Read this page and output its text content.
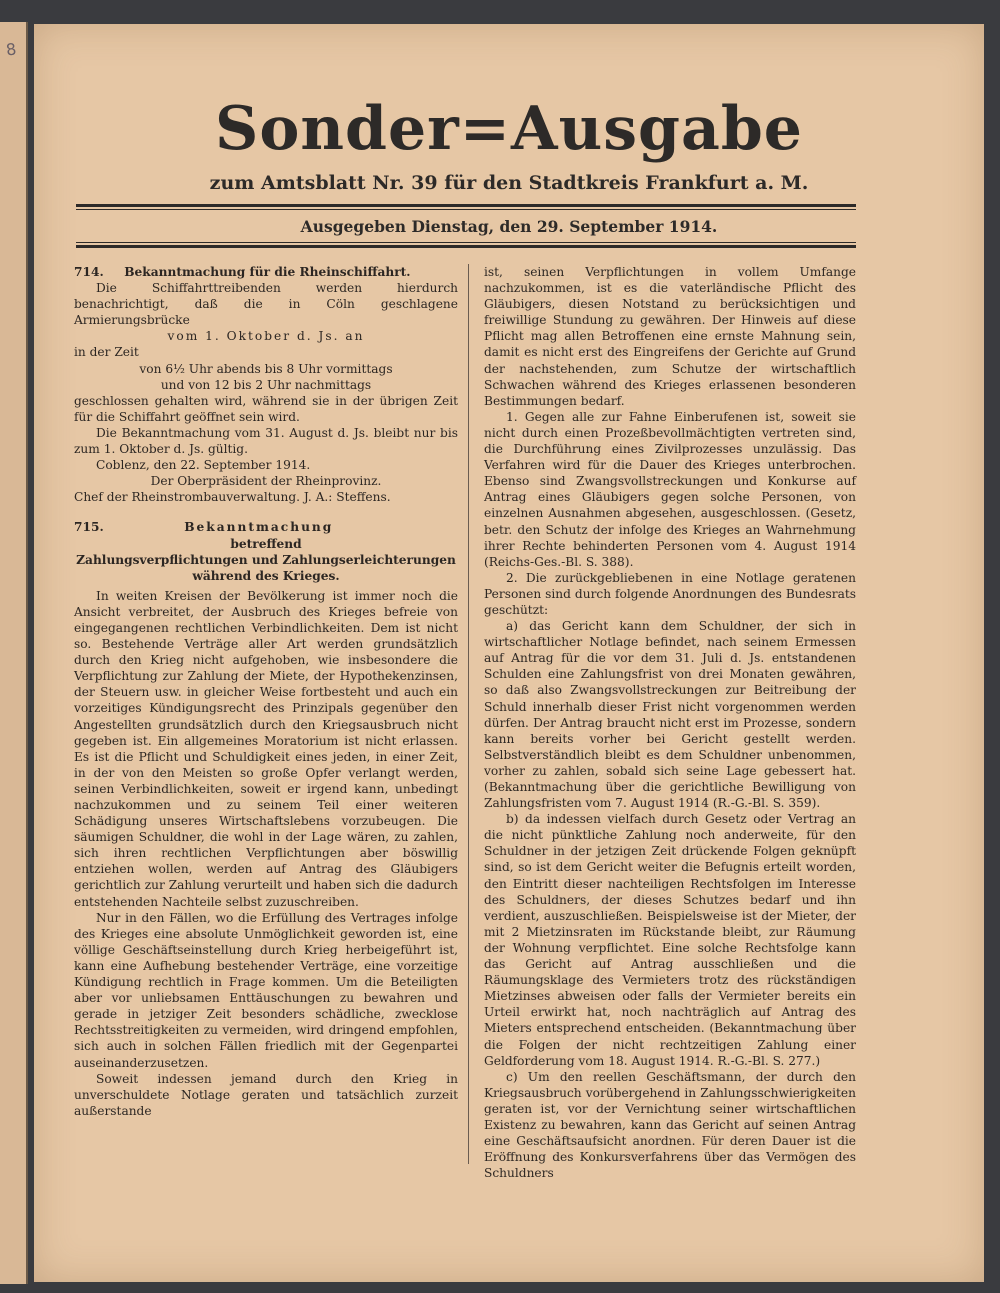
8
Sonder=Ausgabe
zum Amtsblatt Nr. 39 für den Stadtkreis Frankfurt a. M.
Ausgegeben Dienstag, den 29. September 1914.

714. Bekanntmachung für die Rheinschiffahrt.

Die Schiffahrttreibenden werden hierdurch benachrichtigt, daß die in Cöln geschlagene Armierungsbrücke

vom 1. Oktober d. Js. an

in der Zeit

von 6½ Uhr abends bis 8 Uhr vormittags

und von 12 bis 2 Uhr nachmittags

geschlossen gehalten wird, während sie in der übrigen Zeit für die Schiffahrt geöffnet sein wird.

Die Bekanntmachung vom 31. August d. Js. bleibt nur bis zum 1. Oktober d. Js. gültig.

Coblenz, den 22. September 1914.

Der Oberpräsident der Rheinprovinz.

Chef der Rheinstrombauverwaltung. J. A.: Steffens.

715.	Bekanntmachung

betreffend

Zahlungsverpflichtungen und Zahlungserleichterungen

während des Krieges.

In weiten Kreisen der Bevölkerung ist immer noch die Ansicht verbreitet, der Ausbruch des Krieges befreie von eingegangenen rechtlichen Verbindlichkeiten. Dem ist nicht so. Bestehende Verträge aller Art werden grundsätzlich durch den Krieg nicht aufgehoben, wie insbesondere die Verpflichtung zur Zahlung der Miete, der Hypothekenzinsen, der Steuern usw. in gleicher Weise fortbesteht und auch ein vorzeitiges Kündigungsrecht des Prinzipals gegenüber den Angestellten grundsätzlich durch den Kriegsausbruch nicht gegeben ist. Ein allgemeines Moratorium ist nicht erlassen. Es ist die Pflicht und Schuldigkeit eines jeden, in einer Zeit, in der von den Meisten so große Opfer verlangt werden, seinen Verbindlichkeiten, soweit er irgend kann, unbedingt nachzukommen und zu seinem Teil einer weiteren Schädigung unseres Wirtschaftslebens vorzubeugen. Die säumigen Schuldner, die wohl in der Lage wären, zu zahlen, sich ihren rechtlichen Verpflichtungen aber böswillig entziehen wollen, werden auf Antrag des Gläubigers gerichtlich zur Zahlung verurteilt und haben sich die dadurch entstehenden Nachteile selbst zuzuschreiben.

Nur in den Fällen, wo die Erfüllung des Vertrages infolge des Krieges eine absolute Unmöglichkeit geworden ist, eine völlige Geschäftseinstellung durch Krieg herbeigeführt ist, kann eine Aufhebung bestehender Verträge, eine vorzeitige Kündigung rechtlich in Frage kommen. Um die Beteiligten aber vor unliebsamen Enttäuschungen zu bewahren und gerade in jetziger Zeit besonders schädliche, zwecklose Rechtsstreitigkeiten zu vermeiden, wird dringend empfohlen, sich auch in solchen Fällen friedlich mit der Gegenpartei auseinanderzusetzen.

Soweit indessen jemand durch den Krieg in unverschuldete Notlage geraten und tatsächlich zurzeit außerstande

ist, seinen Verpflichtungen in vollem Umfange nachzukommen, ist es die vaterländische Pflicht des Gläubigers, diesen Notstand zu berücksichtigen und freiwillige Stundung zu gewähren. Der Hinweis auf diese Pflicht mag allen Betroffenen eine ernste Mahnung sein, damit es nicht erst des Eingreifens der Gerichte auf Grund der nachstehenden, zum Schutze der wirtschaftlich Schwachen während des Krieges erlassenen besonderen Bestimmungen bedarf.

1. Gegen alle zur Fahne Einberufenen ist, soweit sie nicht durch einen Prozeßbevollmächtigten vertreten sind, die Durchführung eines Zivilprozesses unzulässig. Das Verfahren wird für die Dauer des Krieges unterbrochen. Ebenso sind Zwangsvollstreckungen und Konkurse auf Antrag eines Gläubigers gegen solche Personen, von einzelnen Ausnahmen abgesehen, ausgeschlossen. (Gesetz, betr. den Schutz der infolge des Krieges an Wahrnehmung ihrer Rechte behinderten Personen vom 4. August 1914 (Reichs-Ges.-Bl. S. 388).

2. Die zurückgebliebenen in eine Notlage geratenen Personen sind durch folgende Anordnungen des Bundesrats geschützt:

a) das Gericht kann dem Schuldner, der sich in wirtschaftlicher Notlage befindet, nach seinem Ermessen auf Antrag für die vor dem 31. Juli d. Js. entstandenen Schulden eine Zahlungsfrist von drei Monaten gewähren, so daß also Zwangsvollstreckungen zur Beitreibung der Schuld innerhalb dieser Frist nicht vorgenommen werden dürfen. Der Antrag braucht nicht erst im Prozesse, sondern kann bereits vorher bei Gericht gestellt werden. Selbstverständlich bleibt es dem Schuldner unbenommen, vorher zu zahlen, sobald sich seine Lage gebessert hat. (Bekanntmachung über die gerichtliche Bewilligung von Zahlungsfristen vom 7. August 1914 (R.-G.-Bl. S. 359).

b) da indessen vielfach durch Gesetz oder Vertrag an die nicht pünktliche Zahlung noch anderweite, für den Schuldner in der jetzigen Zeit drückende Folgen geknüpft sind, so ist dem Gericht weiter die Befugnis erteilt worden, den Eintritt dieser nachteiligen Rechtsfolgen im Interesse des Schuldners, der dieses Schutzes bedarf und ihn verdient, auszuschließen. Beispielsweise ist der Mieter, der mit 2 Mietzinsraten im Rückstande bleibt, zur Räumung der Wohnung verpflichtet. Eine solche Rechtsfolge kann das Gericht auf Antrag ausschließen und die Räumungsklage des Vermieters trotz des rückständigen Mietzinses abweisen oder falls der Vermieter bereits ein Urteil erwirkt hat, noch nachträglich auf Antrag des Mieters entsprechend entscheiden. (Bekanntmachung über die Folgen der nicht rechtzeitigen Zahlung einer Geldforderung vom 18. August 1914. R.-G.-Bl. S. 277.)

c) Um den reellen Geschäftsmann, der durch den Kriegsausbruch vorübergehend in Zahlungsschwierigkeiten geraten ist, vor der Vernichtung seiner wirtschaftlichen Existenz zu bewahren, kann das Gericht auf seinen Antrag eine Geschäftsaufsicht anordnen. Für deren Dauer ist die Eröffnung des Konkursverfahrens über das Vermögen des Schuldners
